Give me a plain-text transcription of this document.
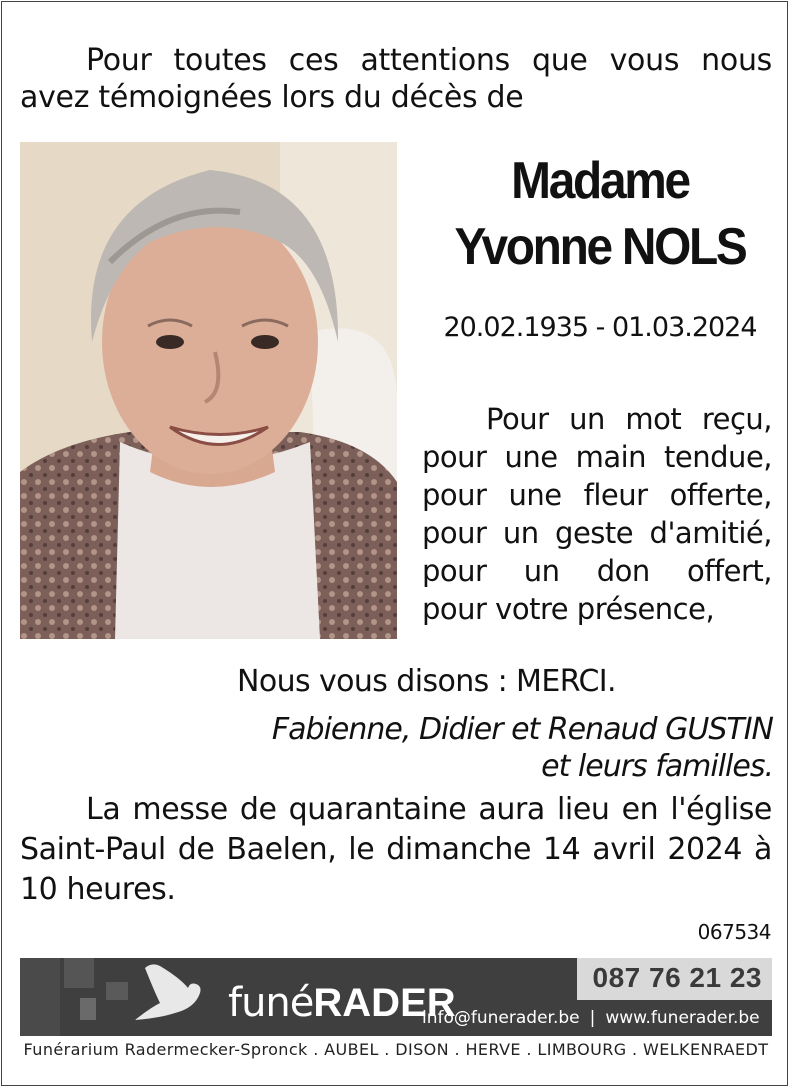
Pour toutes ces attentions que vous nous
avez témoignées lors du décès de
Madame
Yvonne NOLS
20.02.1935 - 01.03.2024
Pour un mot reçu,
pour une main tendue,
pour une fleur offerte,
pour un geste d'amitié,
pour un don offert,
pour votre présence,
Nous vous disons : MERCI.
Fabienne, Didier et Renaud GUSTIN
et leurs familles.
La messe de quarantaine aura lieu en l'église
Saint-Paul de Baelen, le dimanche 14 avril 2024 à
10 heures.
067534
funéRADER
087 76 21 23
info@funerader.be | www.funerader.be
Funérarium Radermecker-Spronck . AUBEL . DISON . HERVE . LIMBOURG . WELKENRAEDT
